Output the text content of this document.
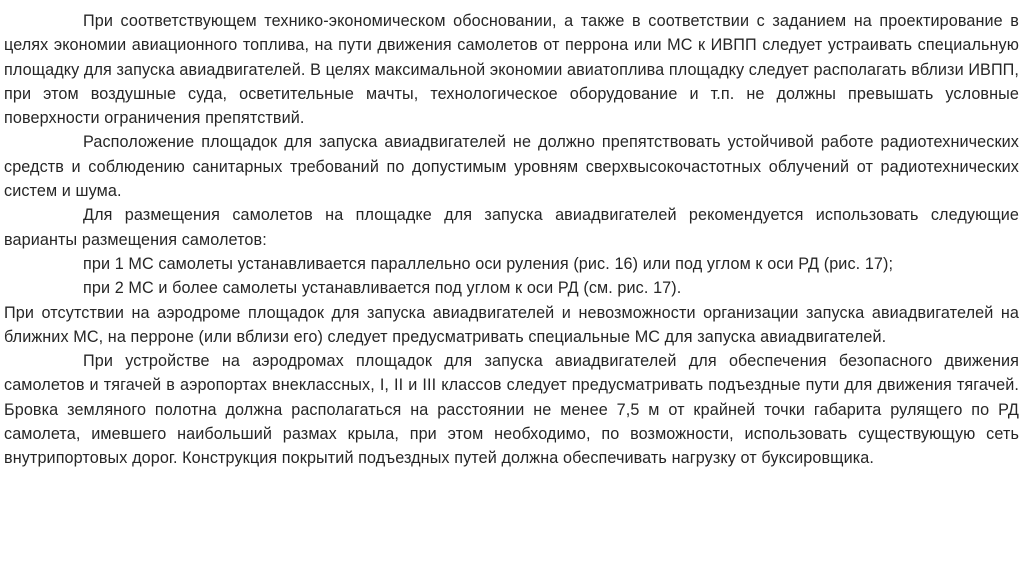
При соответствующем технико-экономическом обосновании, а также в соответствии с заданием на проектирование в целях экономии авиационного топлива, на пути движения самолетов от перрона или МС к ИВПП следует устраивать специальную площадку для запуска авиадвигателей. В целях максимальной экономии авиатоплива площадку следует располагать вблизи ИВПП, при этом воздушные суда, осветительные мачты, технологическое оборудование и т.п. не должны превышать условные поверхности ограничения препятствий.

Расположение площадок для запуска авиадвигателей не должно препятствовать устойчивой работе радиотехнических средств и соблюдению санитарных требований по допустимым уровням сверхвысокочастотных облучений от радиотехнических систем и шума.

Для размещения самолетов на площадке для запуска авиадвигателей рекомендуется использовать следующие варианты размещения самолетов:

при 1 МС самолеты устанавливается параллельно оси руления (рис. 16) или под углом к оси РД (рис. 17);

при 2 МС и более самолеты устанавливается под углом к оси РД (см. рис. 17).

При отсутствии на аэродроме площадок для запуска авиадвигателей и невозможности организации запуска авиадвигателей на ближних МС, на перроне (или вблизи его) следует предусматривать специальные МС для запуска авиадвигателей.

При устройстве на аэродромах площадок для запуска авиадвигателей для обеспечения безопасного движения самолетов и тягачей в аэропортах внеклассных, I, II и III классов следует предусматривать подъездные пути для движения тягачей. Бровка земляного полотна должна располагаться на расстоянии не менее 7,5 м от крайней точки габарита рулящего по РД самолета, имевшего наибольший размах крыла, при этом необходимо, по возможности, использовать существующую сеть внутрипортовых дорог. Конструкция покрытий подъездных путей должна обеспечивать нагрузку от буксировщика.
